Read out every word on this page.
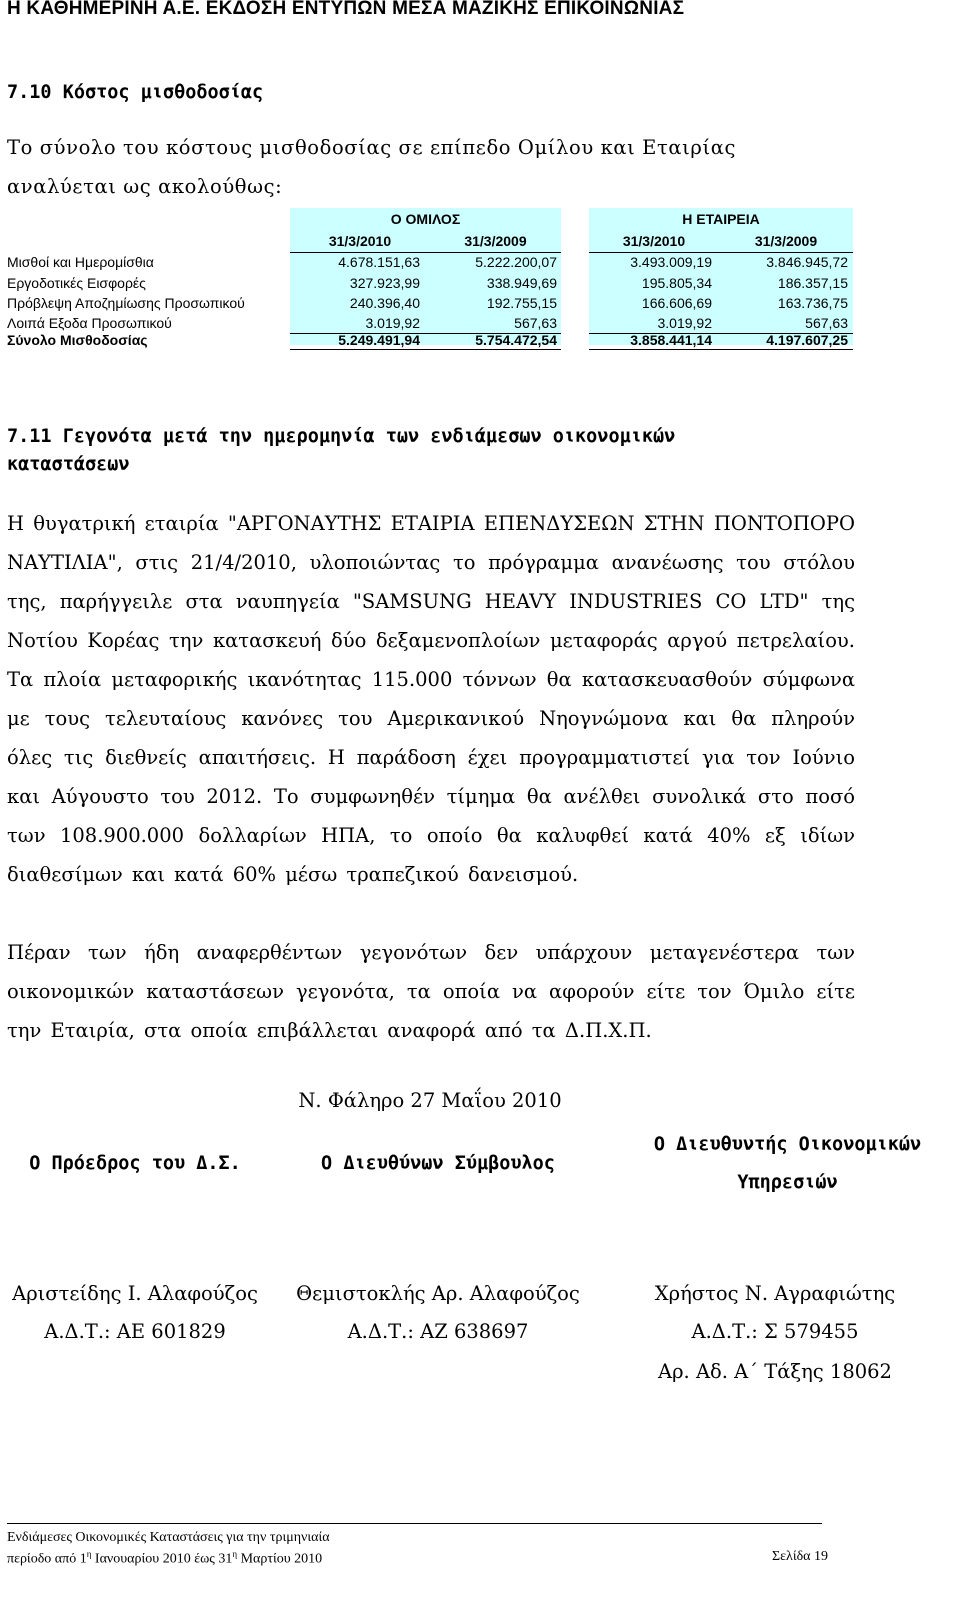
Η ΚΑΘΗΜΕΡΙΝΗ Α.Ε. ΕΚΔΟΣΗ ΕΝΤΥΠΩΝ ΜΕΣΑ ΜΑΖΙΚΗΣ ΕΠΙΚΟΙΝΩΝΙΑΣ
7.10 Κόστος μισθοδοσίας
Το σύνολο του κόστους μισθοδοσίας σε επίπεδο Ομίλου και Εταιρίας αναλύεται ως ακολούθως:
Ο ΟΜΙΛΟΣ	Η ΕΤΑΙΡΕΙΑ
31/3/2010	31/3/2009	31/3/2010	31/3/2009
Μισθοί και Ημερομίσθια	4.678.151,63	5.222.200,07	3.493.009,19	3.846.945,72
Εργοδοτικές Εισφορές	327.923,99	338.949,69	195.805,34	186.357,15
Πρόβλεψη Αποζημίωσης Προσωπικού	240.396,40	192.755,15	166.606,69	163.736,75
Λοιπά Εξοδα Προσωπικού	3.019,92	567,63	3.019,92	567,63
Σύνολο Μισθοδοσίας	5.249.491,94	5.754.472,54	3.858.441,14	4.197.607,25
7.11 Γεγονότα μετά την ημερομηνία των ενδιάμεσων οικονομικών
καταστάσεων
Η θυγατρική εταιρία "ΑΡΓΟΝΑΥΤΗΣ ΕΤΑΙΡΙΑ ΕΠΕΝΔΥΣΕΩΝ ΣΤΗΝ ΠΟΝΤΟΠΟΡΟ ΝΑΥΤΙΛΙΑ", στις 21/4/2010, υλοποιώντας το πρόγραμμα ανανέωσης του στόλου της, παρήγγειλε στα ναυπηγεία "SAMSUNG HEAVY INDUSTRIES CO LTD" της Νοτίου Κορέας την κατασκευή δύο δεξαμενοπλοίων μεταφοράς αργού πετρελαίου. Τα πλοία μεταφορικής ικανότητας 115.000 τόννων θα κατασκευασθούν σύμφωνα με τους τελευταίους κανόνες του Αμερικανικού Νηογνώμονα και θα πληρούν όλες τις διεθνείς απαιτήσεις. Η παράδοση έχει προγραμματιστεί για τον Ιούνιο και Αύγουστο του 2012. Το συμφωνηθέν τίμημα θα ανέλθει συνολικά στο ποσό των 108.900.000 δολλαρίων ΗΠΑ, το οποίο θα καλυφθεί κατά 40% εξ ιδίων διαθεσίμων και κατά 60% μέσω τραπεζικού δανεισμού.
Πέραν των ήδη αναφερθέντων γεγονότων δεν υπάρχουν μεταγενέστερα των οικονομικών καταστάσεων γεγονότα, τα οποία να αφορούν είτε τον Όμιλο είτε την Εταιρία, στα οποία επιβάλλεται αναφορά από τα Δ.Π.Χ.Π.
Ν. Φάληρο 27 Μαΐου 2010
Ο Πρόεδρος του Δ.Σ.	Ο Διευθύνων Σύμβουλος
Ο Διευθυντής Οικονομικών
Υπηρεσιών
Αριστείδης Ι. Αλαφούζος	Θεμιστοκλής Αρ. Αλαφούζος	Χρήστος Ν. Αγραφιώτης
Α.Δ.Τ.: ΑΕ 601829	Α.Δ.Τ.: ΑΖ 638697	Α.Δ.Τ.: Σ 579455
Αρ. Αδ. Α΄ Τάξης 18062
Ενδιάμεσες Οικονομικές Καταστάσεις για την τριμηνιαία
περίοδο από $1^\eta$ Ιανουαρίου 2010 έως $31^\eta$ Μαρτίου 2010	Σελίδα 19
